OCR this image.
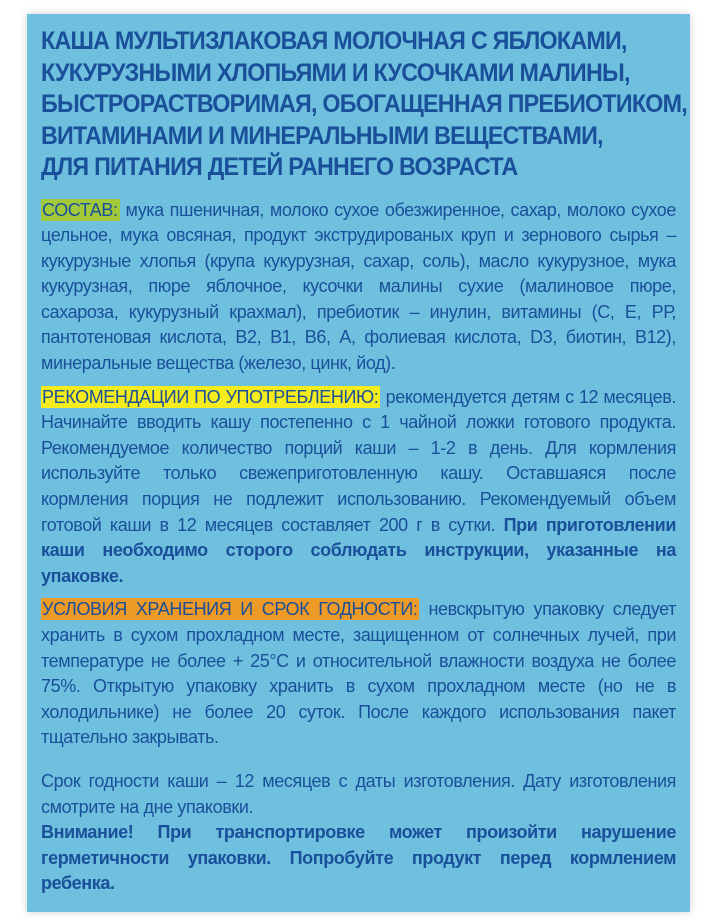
КАША МУЛЬТИЗЛАКОВАЯ МОЛОЧНАЯ С ЯБЛОКАМИ,
КУКУРУЗНЫМИ ХЛОПЬЯМИ И КУСОЧКАМИ МАЛИНЫ,
БЫСТРОРАСТВОРИМАЯ, ОБОГАЩЕННАЯ ПРЕБИОТИКОМ,
ВИТАМИНАМИ И МИНЕРАЛЬНЫМИ ВЕЩЕСТВАМИ,
ДЛЯ ПИТАНИЯ ДЕТЕЙ РАННЕГО ВОЗРАСТА

СОСТАВ: мука пшеничная, молоко сухое обезжиренное, сахар, молоко сухое цельное, мука овсяная, продукт экструдированых круп и зернового сырья – кукурузные хлопья (крупа кукурузная, сахар, соль), масло кукурузное, мука кукурузная, пюре яблочное, кусочки малины сухие (малиновое пюре, сахароза, кукурузный крахмал), пребиотик – инулин, витамины (С, Е, РР, пантотеновая кислота, В2, В1, В6, А, фолиевая кислота, D3, биотин, В12), минеральные вещества (железо, цинк, йод).

РЕКОМЕНДАЦИИ ПО УПОТРЕБЛЕНИЮ: рекомендуется детям с 12 месяцев. Начинайте вводить кашу постепенно с 1 чайной ложки готового продукта. Рекомендуемое количество порций каши – 1-2 в день. Для кормления используйте только свежеприготовленную кашу. Оставшаяся после кормления порция не подлежит использованию. Рекомендуемый объем готовой каши в 12 месяцев составляет 200 г в сутки. При приготовлении каши необходимо сторого соблюдать инструкции, указанные на упаковке.

УСЛОВИЯ ХРАНЕНИЯ И СРОК ГОДНОСТИ: невскрытую упаковку следует хранить в сухом прохладном месте, защищенном от солнечных лучей, при температуре не более + 25°С и относительной влажности воздуха не более 75%. Открытую упаковку хранить в сухом прохладном месте (но не в холодильнике) не более 20 суток. После каждого использования пакет тщательно закрывать.

Срок годности каши – 12 месяцев с даты изготовления. Дату изготовления смотрите на дне упаковки.

Внимание! При транспортировке может произойти нарушение герметичности упаковки. Попробуйте продукт перед кормлением ребенка.
